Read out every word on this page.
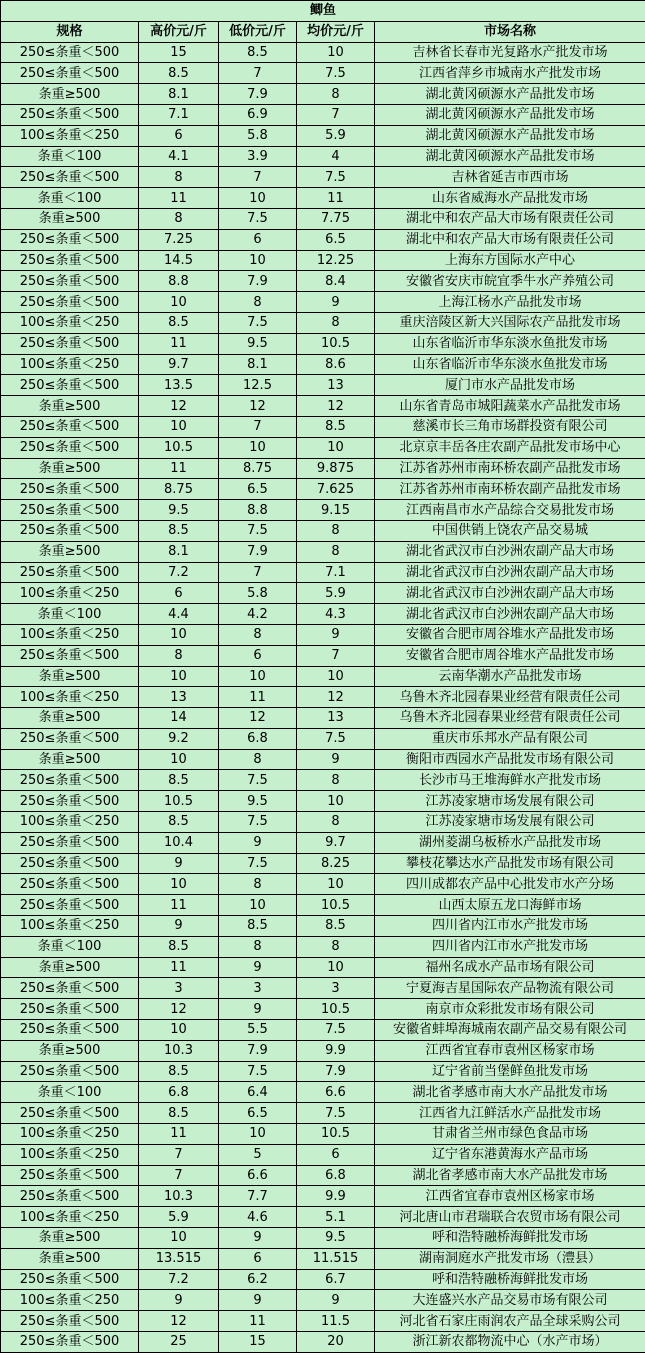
鲫鱼				
规格	高价元/斤	低价元/斤	均价元/斤	市场名称
250≤条重＜500	15	8.5	10	吉林省长春市光复路水产批发市场
250≤条重＜500	8.5	7	7.5	江西省萍乡市城南水产批发市场
条重≥500	8.1	7.9	8	湖北黄冈硕源水产品批发市场
250≤条重＜500	7.1	6.9	7	湖北黄冈硕源水产品批发市场
100≤条重＜250	6	5.8	5.9	湖北黄冈硕源水产品批发市场
条重＜100	4.1	3.9	4	湖北黄冈硕源水产品批发市场
250≤条重＜500	8	7	7.5	吉林省延吉市西市场
条重＜100	11	10	11	山东省威海水产品批发市场
条重≥500	8	7.5	7.75	湖北中和农产品大市场有限责任公司
250≤条重＜500	7.25	6	6.5	湖北中和农产品大市场有限责任公司
250≤条重＜500	14.5	10	12.25	上海东方国际水产中心
250≤条重＜500	8.8	7.9	8.4	安徽省安庆市皖宜季牛水产养殖公司
250≤条重＜500	10	8	9	上海江杨水产品批发市场
100≤条重＜250	8.5	7.5	8	重庆涪陵区新大兴国际农产品批发市场
250≤条重＜500	11	9.5	10.5	山东省临沂市华东淡水鱼批发市场
100≤条重＜250	9.7	8.1	8.6	山东省临沂市华东淡水鱼批发市场
250≤条重＜500	13.5	12.5	13	厦门市水产品批发市场
条重≥500	12	12	12	山东省青岛市城阳蔬菜水产品批发市场
250≤条重＜500	10	7	8.5	慈溪市长三角市场群投资有限公司
250≤条重＜500	10.5	10	10	北京京丰岳各庄农副产品批发市场中心
条重≥500	11	8.75	9.875	江苏省苏州市南环桥农副产品批发市场
250≤条重＜500	8.75	6.5	7.625	江苏省苏州市南环桥农副产品批发市场
250≤条重＜500	9.5	8.8	9.15	江西南昌市水产品综合交易批发市场
250≤条重＜500	8.5	7.5	8	中国供销上饶农产品交易城
条重≥500	8.1	7.9	8	湖北省武汉市白沙洲农副产品大市场
250≤条重＜500	7.2	7	7.1	湖北省武汉市白沙洲农副产品大市场
100≤条重＜250	6	5.8	5.9	湖北省武汉市白沙洲农副产品大市场
条重＜100	4.4	4.2	4.3	湖北省武汉市白沙洲农副产品大市场
100≤条重＜250	10	8	9	安徽省合肥市周谷堆水产品批发市场
250≤条重＜500	8	6	7	安徽省合肥市周谷堆水产品批发市场
条重≥500	10	10	10	云南华潮水产品批发市场
100≤条重＜250	13	11	12	乌鲁木齐北园春果业经营有限责任公司
条重≥500	14	12	13	乌鲁木齐北园春果业经营有限责任公司
250≤条重＜500	9.2	6.8	7.5	重庆市乐邦水产品有限公司
条重≥500	10	8	9	衡阳市西园水产品批发市场有限公司
250≤条重＜500	8.5	7.5	8	长沙市马王堆海鲜水产批发市场
250≤条重＜500	10.5	9.5	10	江苏凌家塘市场发展有限公司
100≤条重＜250	8.5	7.5	8	江苏凌家塘市场发展有限公司
250≤条重＜500	10.4	9	9.7	湖州菱湖乌板桥水产品批发市场
250≤条重＜500	9	7.5	8.25	攀枝花攀达水产品批发市场有限公司
250≤条重＜500	10	8	10	四川成都农产品中心批发市水产分场
250≤条重＜500	11	10	10.5	山西太原五龙口海鲜市场
100≤条重＜250	9	8.5	8.5	四川省内江市水产批发市场
条重＜100	8.5	8	8	四川省内江市水产批发市场
条重≥500	11	9	10	福州名成水产品市场有限公司
250≤条重＜500	3	3	3	宁夏海吉星国际农产品物流有限公司
250≤条重＜500	12	9	10.5	南京市众彩批发市场有限公司
250≤条重＜500	10	5.5	7.5	安徽省蚌埠海城南农副产品交易有限公司
条重≥500	10.3	7.9	9.9	江西省宜春市袁州区杨家市场
250≤条重＜500	8.5	7.5	7.9	辽宁省前当堡鲜鱼批发市场
条重＜100	6.8	6.4	6.6	湖北省孝感市南大水产品批发市场
250≤条重＜500	8.5	6.5	7.5	江西省九江鲜活水产品批发市场
100≤条重＜250	11	10	10.5	甘肃省兰州市绿色食品市场
100≤条重＜250	7	5	6	辽宁省东港黄海水产品市场
250≤条重＜500	7	6.6	6.8	湖北省孝感市南大水产品批发市场
250≤条重＜500	10.3	7.7	9.9	江西省宜春市袁州区杨家市场
100≤条重＜250	5.9	4.6	5.1	河北唐山市君瑞联合农贸市场有限公司
条重≥500	10	9	9.5	呼和浩特融桥海鲜批发市场
条重≥500	13.515	6	11.515	湖南洞庭水产批发市场（澧县）
250≤条重＜500	7.2	6.2	6.7	呼和浩特融桥海鲜批发市场
100≤条重＜250	9	9	9	大连盛兴水产品交易市场有限公司
250≤条重＜500	12	11	11.5	河北省石家庄雨润农产品全球采购公司
250≤条重＜500	25	15	20	浙江新农都物流中心（水产市场）
